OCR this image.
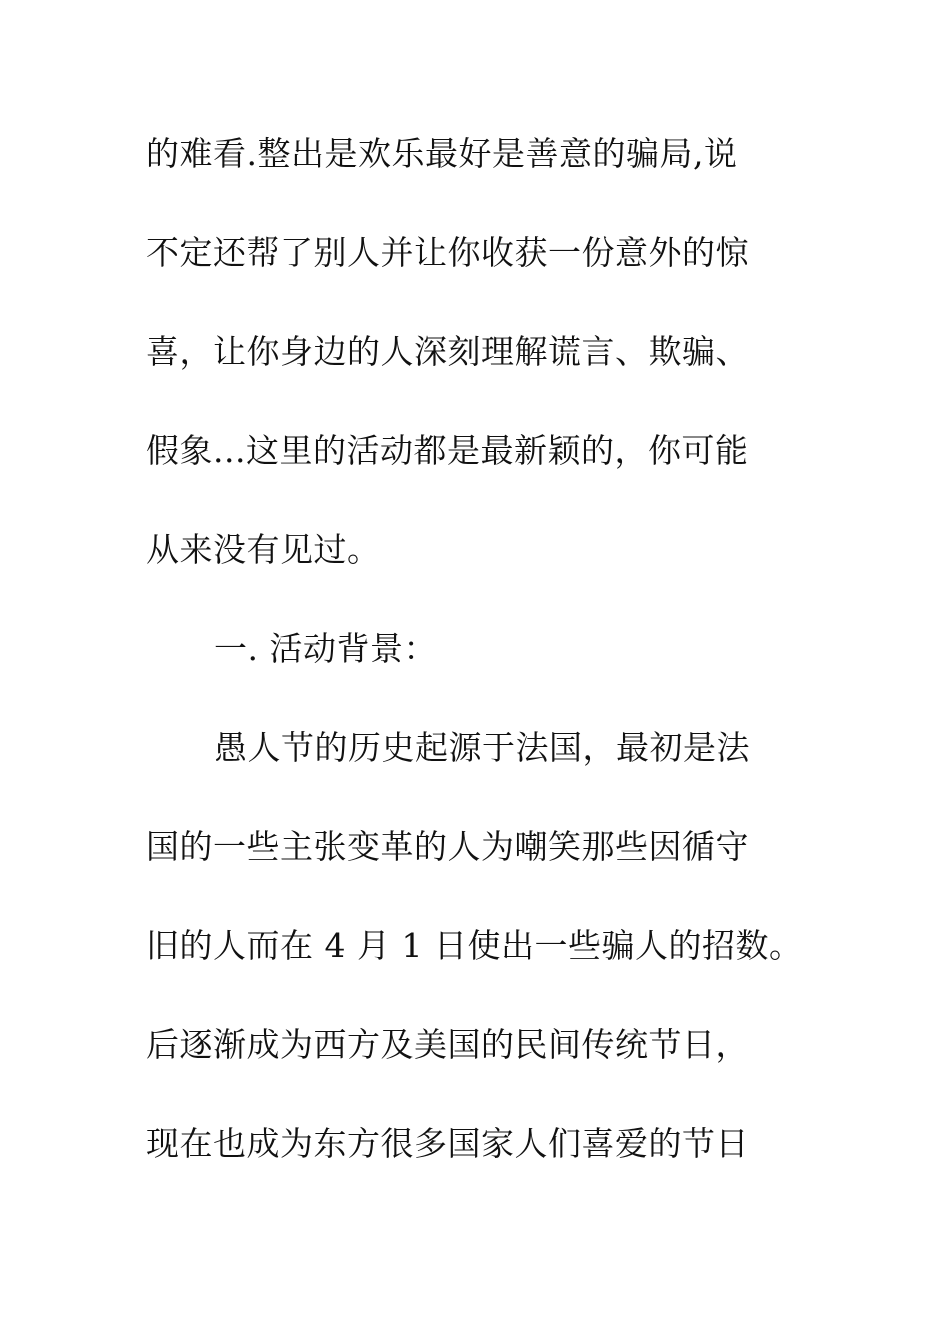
的难看.整出是欢乐最好是善意的骗局,说
不定还帮了别人并让你收获一份意外的惊
喜，让你身边的人深刻理解谎言、欺骗、
假象...这里的活动都是最新颖的，你可能
从来没有见过。
一. 活动背景：
愚人节的历史起源于法国，最初是法
国的一些主张变革的人为嘲笑那些因循守
旧的人而在 4 月 1 日使出一些骗人的招数。
后逐渐成为西方及美国的民间传统节日，
现在也成为东方很多国家人们喜爱的节日
